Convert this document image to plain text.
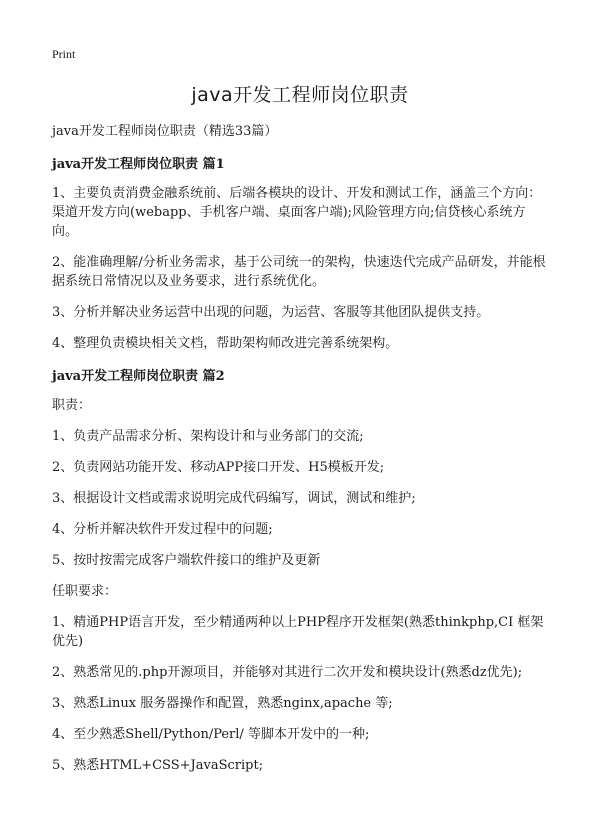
Print
java开发工程师岗位职责
java开发工程师岗位职责（精选33篇）
java开发工程师岗位职责 篇1

1、主要负责消费金融系统前、后端各模块的设计、开发和测试工作，涵盖三个方向：渠道开发方向(webapp、手机客户端、桌面客户端);风险管理方向;信贷核心系统方向。

2、能准确理解/分析业务需求，基于公司统一的架构，快速迭代完成产品研发，并能根据系统日常情况以及业务要求，进行系统优化。

3、分析并解决业务运营中出现的问题，为运营、客服等其他团队提供支持。

4、整理负责模块相关文档，帮助架构师改进完善系统架构。

java开发工程师岗位职责 篇2

职责：

1、负责产品需求分析、架构设计和与业务部门的交流;

2、负责网站功能开发、移动APP接口开发、H5模板开发;

3、根据设计文档或需求说明完成代码编写，调试，测试和维护;

4、分析并解决软件开发过程中的问题;

5、按时按需完成客户端软件接口的维护及更新

任职要求：

1、精通PHP语言开发，至少精通两种以上PHP程序开发框架(熟悉thinkphp,CI 框架优先)

2、熟悉常见的.php开源项目，并能够对其进行二次开发和模块设计(熟悉dz优先);

3、熟悉Linux 服务器操作和配置，熟悉nginx,apache 等;

4、至少熟悉Shell/Python/Perl/ 等脚本开发中的一种;

5、熟悉HTML+CSS+JavaScript;
